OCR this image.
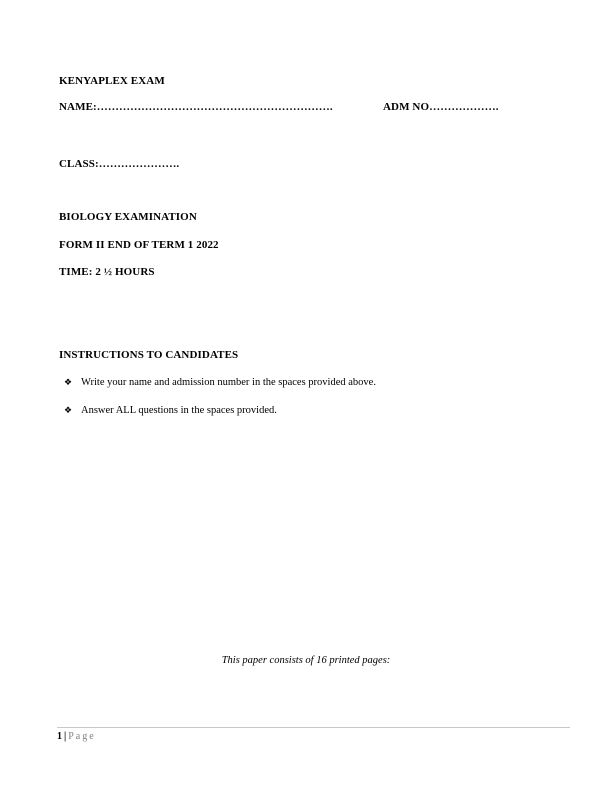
KENYAPLEX EXAM
NAME:……………………………………………………….	ADM NO……………….
CLASS:………………….
BIOLOGY EXAMINATION
FORM II END OF TERM 1 2022
TIME: 2 ½ HOURS
INSTRUCTIONS TO CANDIDATES
❖ Write your name and admission number in the spaces provided above.
❖ Answer ALL questions in the spaces provided.
This paper consists of 16 printed pages:
1 | Page
